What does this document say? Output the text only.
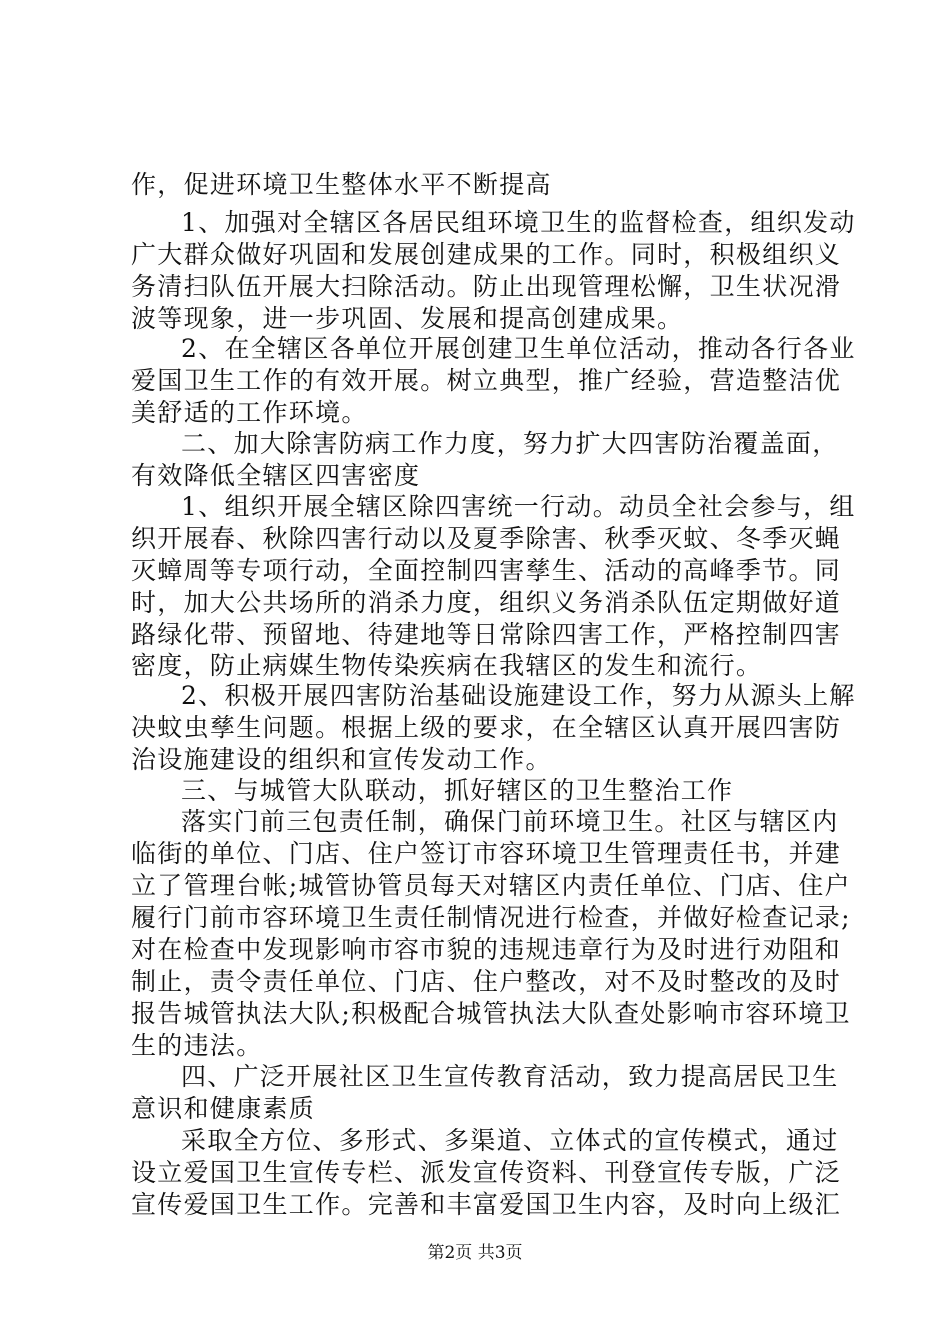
作，促进环境卫生整体水平不断提高
1、加强对全辖区各居民组环境卫生的监督检查，组织发动
广大群众做好巩固和发展创建成果的工作。同时，积极组织义
务清扫队伍开展大扫除活动。防止出现管理松懈，卫生状况滑
波等现象，进一步巩固、发展和提高创建成果。
2、在全辖区各单位开展创建卫生单位活动，推动各行各业
爱国卫生工作的有效开展。树立典型，推广经验，营造整洁优
美舒适的工作环境。
二、加大除害防病工作力度，努力扩大四害防治覆盖面，
有效降低全辖区四害密度
1、组织开展全辖区除四害统一行动。动员全社会参与，组
织开展春、秋除四害行动以及夏季除害、秋季灭蚊、冬季灭蝇
灭蟑周等专项行动，全面控制四害孳生、活动的高峰季节。同
时，加大公共场所的消杀力度，组织义务消杀队伍定期做好道
路绿化带、预留地、待建地等日常除四害工作，严格控制四害
密度，防止病媒生物传染疾病在我辖区的发生和流行。
2、积极开展四害防治基础设施建设工作，努力从源头上解
决蚊虫孳生问题。根据上级的要求，在全辖区认真开展四害防
治设施建设的组织和宣传发动工作。
三、与城管大队联动，抓好辖区的卫生整治工作
落实门前三包责任制，确保门前环境卫生。社区与辖区内
临街的单位、门店、住户签订市容环境卫生管理责任书，并建
立了管理台帐;城管协管员每天对辖区内责任单位、门店、住户
履行门前市容环境卫生责任制情况进行检查，并做好检查记录;
对在检查中发现影响市容市貌的违规违章行为及时进行劝阻和
制止，责令责任单位、门店、住户整改，对不及时整改的及时
报告城管执法大队;积极配合城管执法大队查处影响市容环境卫
生的违法。
四、广泛开展社区卫生宣传教育活动，致力提高居民卫生
意识和健康素质
采取全方位、多形式、多渠道、立体式的宣传模式，通过
设立爱国卫生宣传专栏、派发宣传资料、刊登宣传专版，广泛
宣传爱国卫生工作。完善和丰富爱国卫生内容，及时向上级汇
第2页 共3页
